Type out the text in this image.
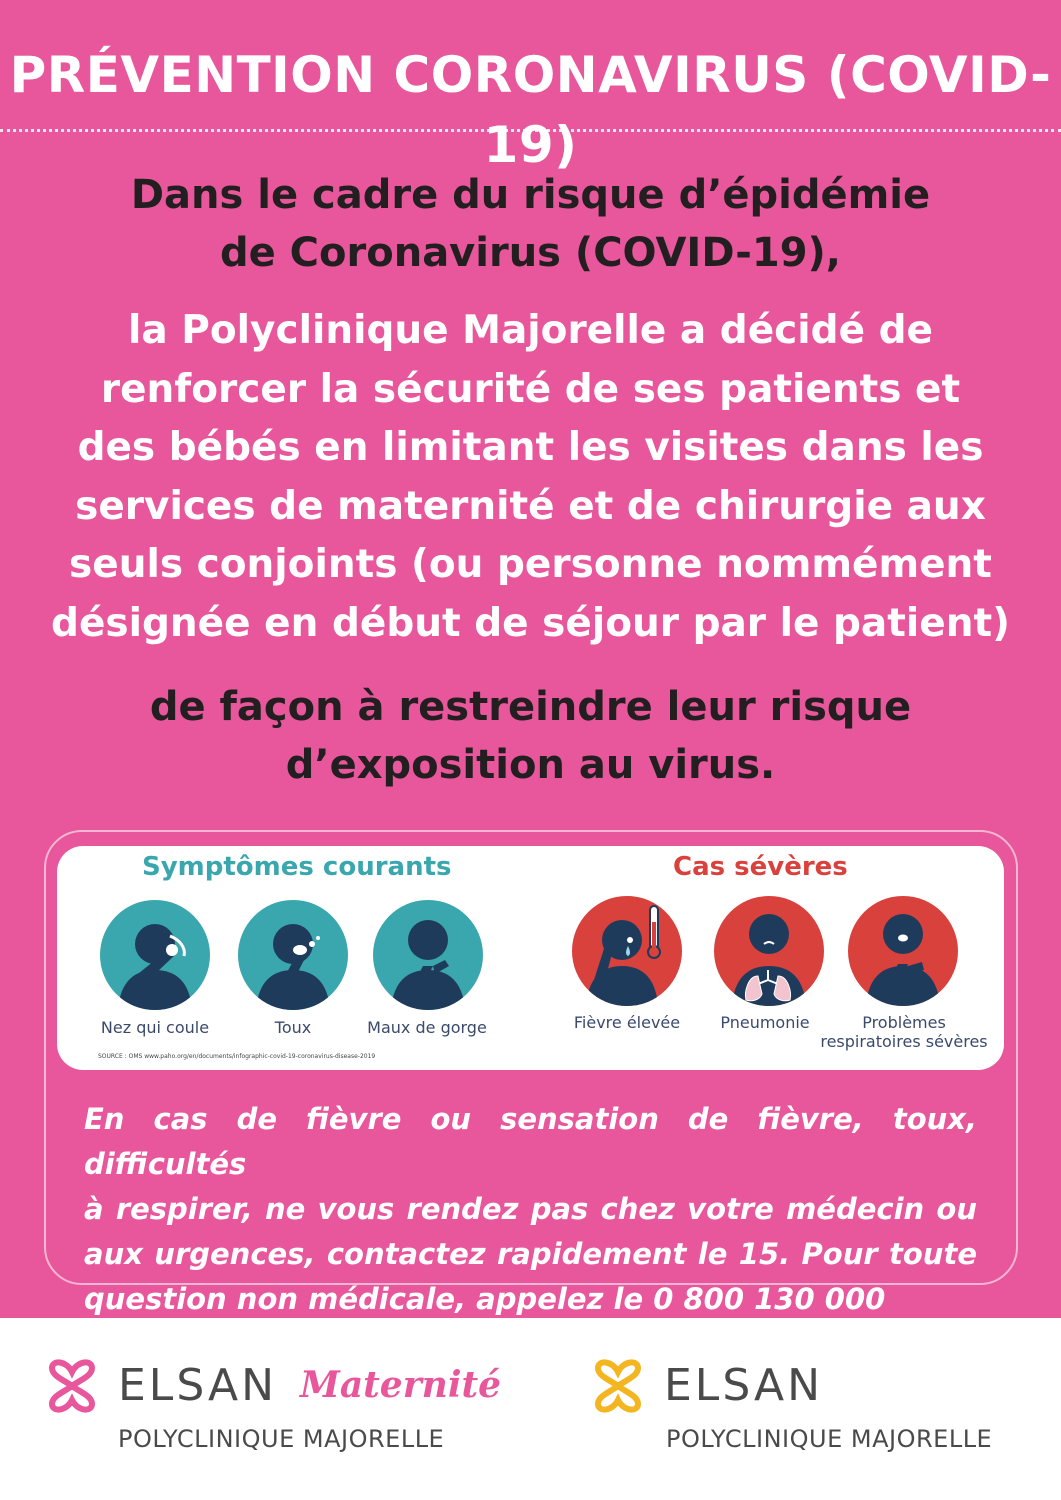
PRÉVENTION CORONAVIRUS (COVID-19)
Dans le cadre du risque d’épidémie
de Coronavirus (COVID-19),
la Polyclinique Majorelle a décidé de
renforcer la sécurité de ses patients et
des bébés en limitant les visites dans les
services de maternité et de chirurgie aux
seuls conjoints (ou personne nommément
désignée en début de séjour par le patient)
de façon à restreindre leur risque
d’exposition au virus.
Symptômes courants	Cas sévères
Nez qui coule	Toux	Maux de gorge	Fièvre élevée	Pneumonie	Problèmes
respiratoires sévères
SOURCE : OMS www.paho.org/en/documents/infographic-covid-19-coronavirus-disease-2019
En cas de fièvre ou sensation de fièvre, toux, difficultés
à respirer, ne vous rendez pas chez votre médecin ou
aux urgences, contactez rapidement le 15. Pour toute
question non médicale, appelez le 0 800 130 000
ELSAN Maternité
POLYCLINIQUE MAJORELLE
ELSAN
POLYCLINIQUE MAJORELLE
